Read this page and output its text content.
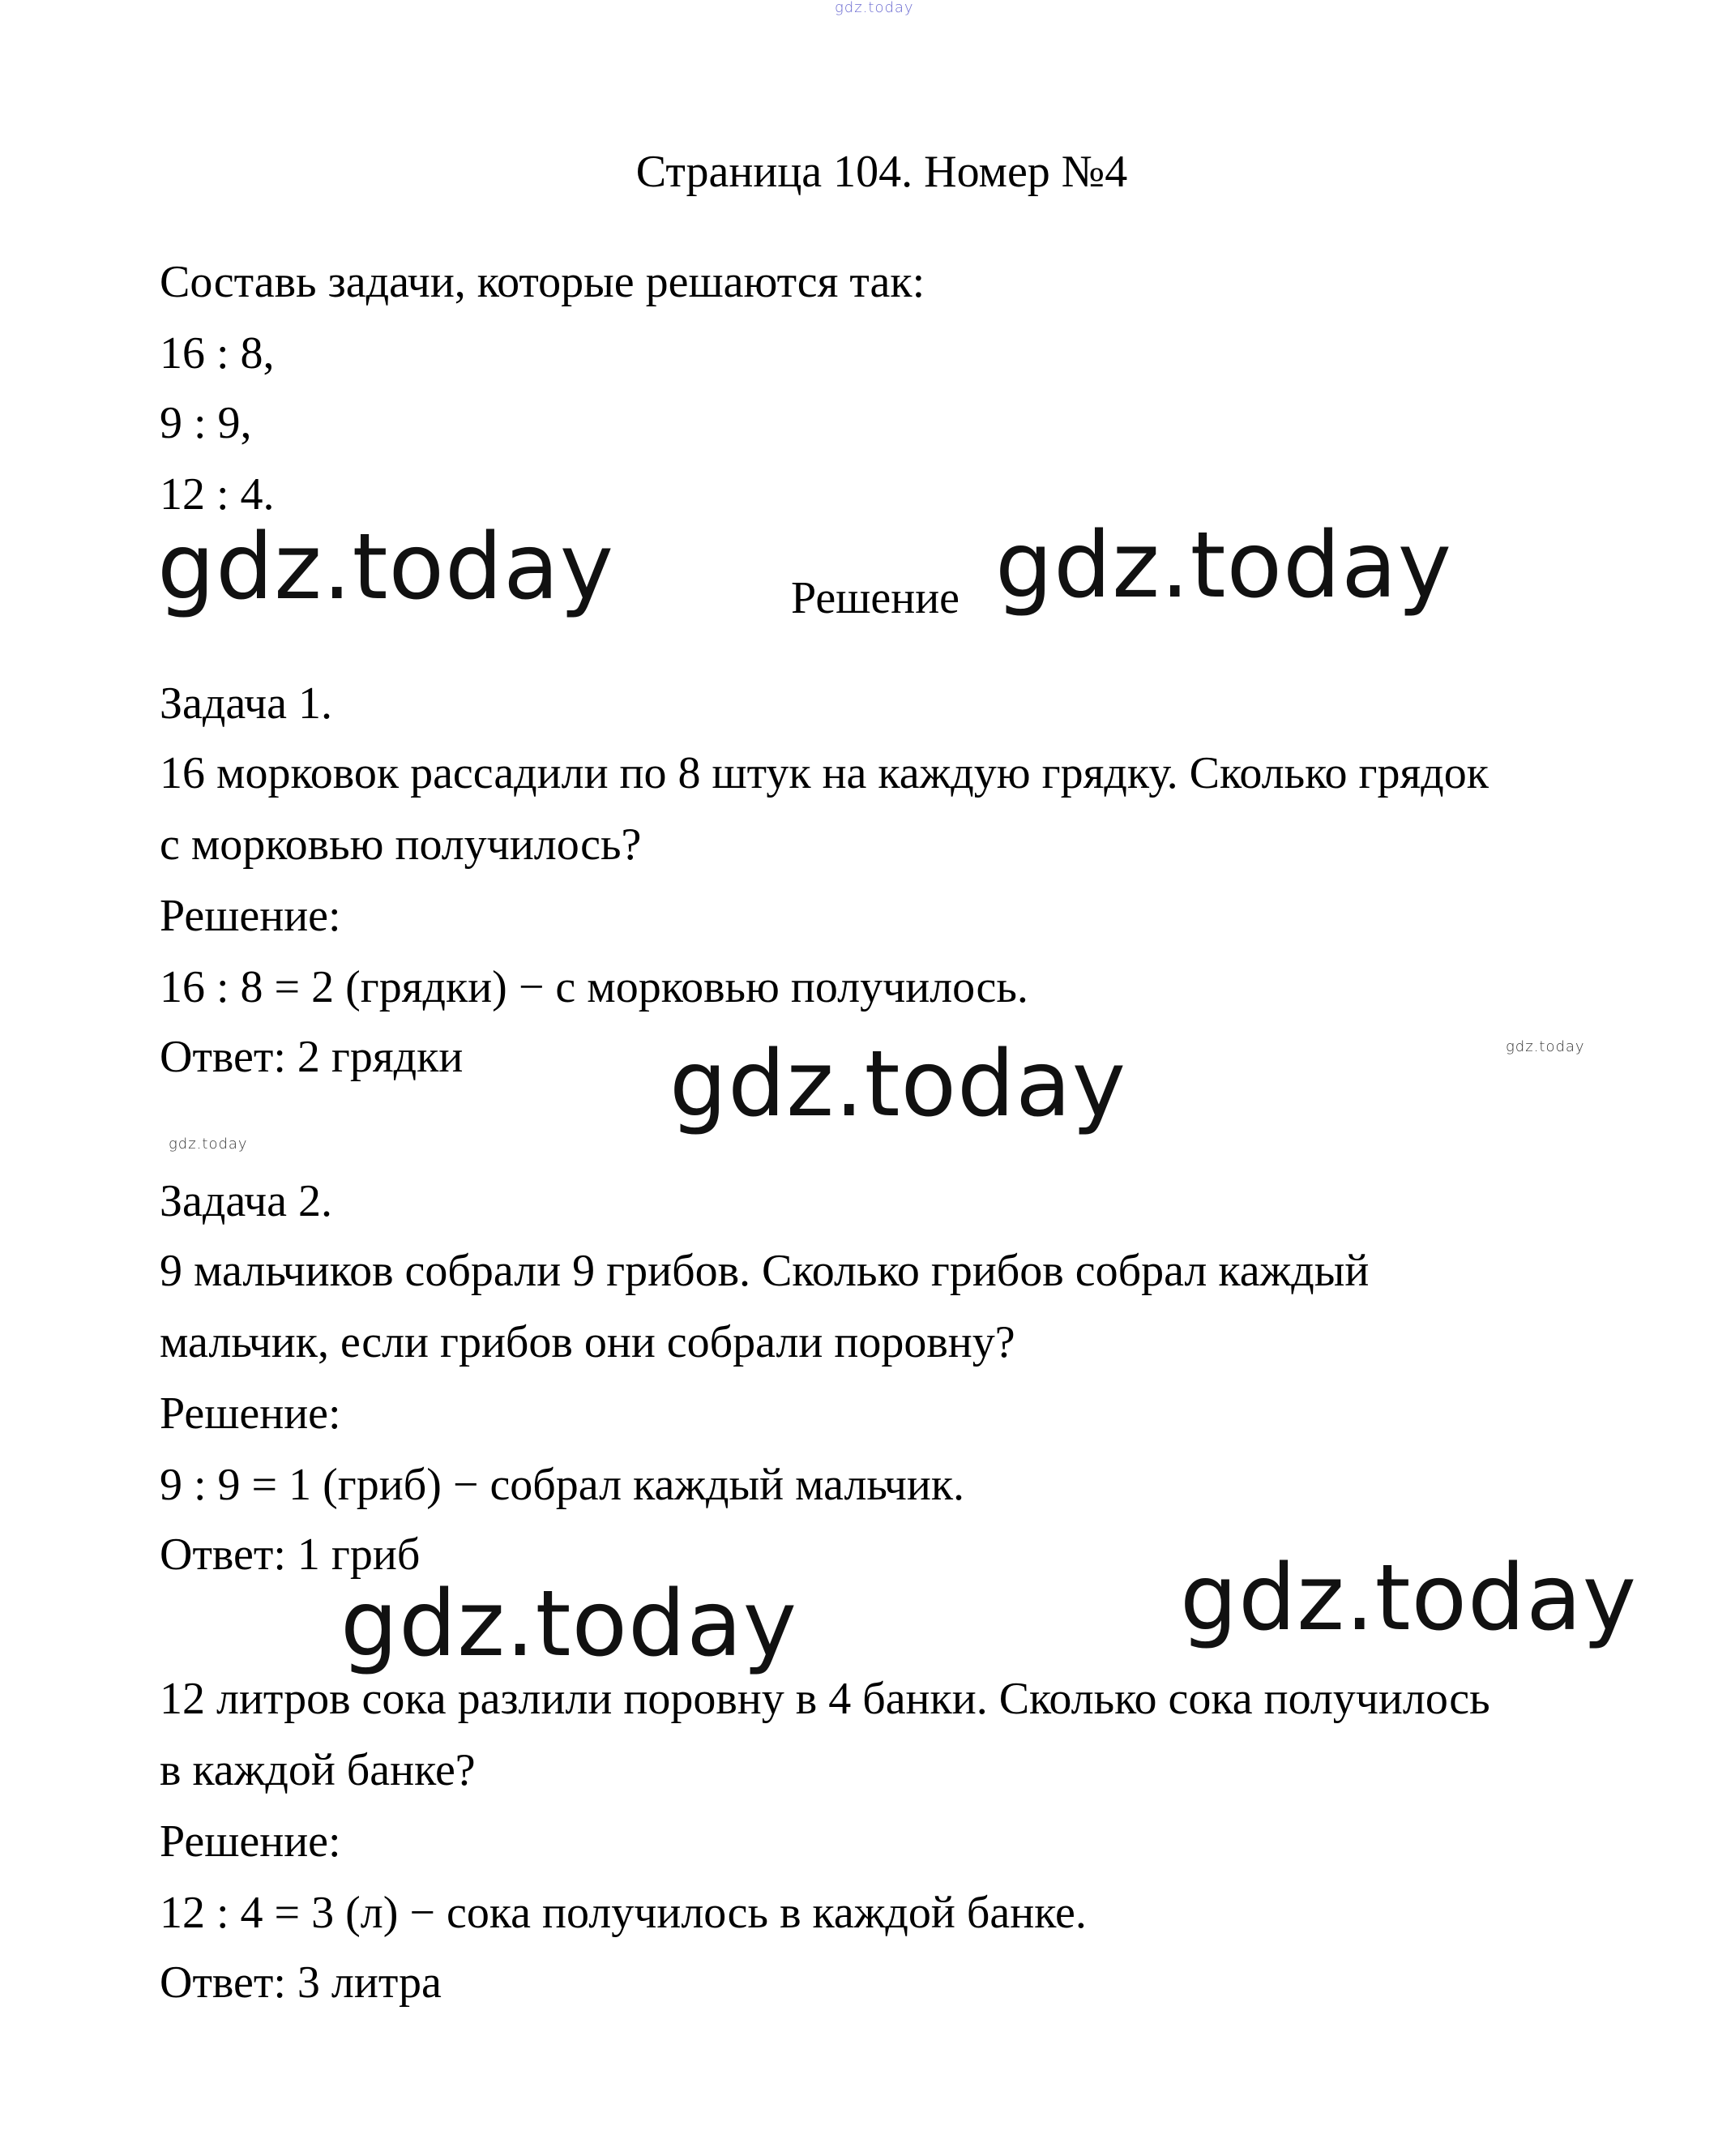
gdz.today
Страница 104. Номер №4
Составь задачи, которые решаются так:
16 : 8,
9 : 9,
12 : 4.
gdz.today	Решение gdz.today
Задача 1.
16 морковок рассадили по 8 штук на каждую грядку. Сколько грядок
с морковью получилось?
Решение:
16 : 8 = 2 (грядки) − с морковью получилось.
Ответ: 2 грядки gdz.today	gdz.today
gdz.today
Задача 2.
9 мальчиков собрали 9 грибов. Сколько грибов собрал каждый
мальчик, если грибов они собрали поровну?
Решение:
9 : 9 = 1 (гриб) − собрал каждый мальчик.
Ответ: 1 гриб
gdz.today	gdz.today
12 литров сока разлили поровну в 4 банки. Сколько сока получилось
в каждой банке?
Решение:
12 : 4 = 3 (л) − сока получилось в каждой банке.
Ответ: 3 литра
